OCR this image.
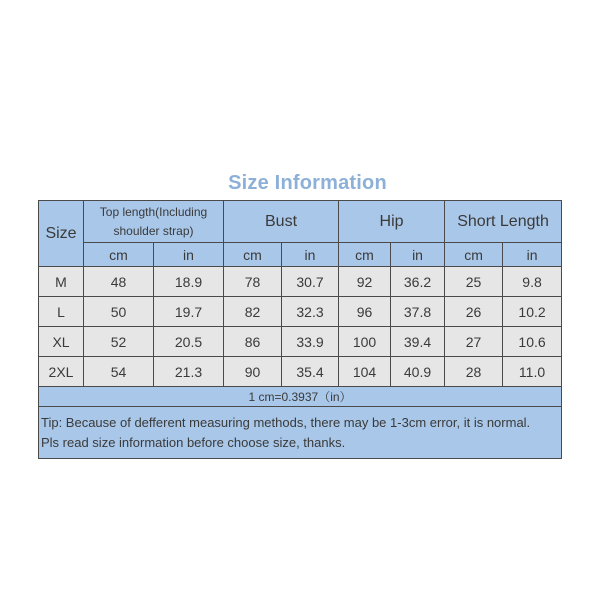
Size Information
Size	Top length(Including shoulder strap)		Bust		Hip		Short Length	
	cm	in	cm	in	cm	in	cm	in
M	48	18.9	78	30.7	92	36.2	25	9.8
L	50	19.7	82	32.3	96	37.8	26	10.2
XL	52	20.5	86	33.9	100	39.4	27	10.6
2XL	54	21.3	90	35.4	104	40.9	28	11.0
1 cm=0.3937（in）								

Tip: Because of defferent measuring methods, there may be 1-3cm error, it is normal.
Pls read size information before choose size, thanks.								
